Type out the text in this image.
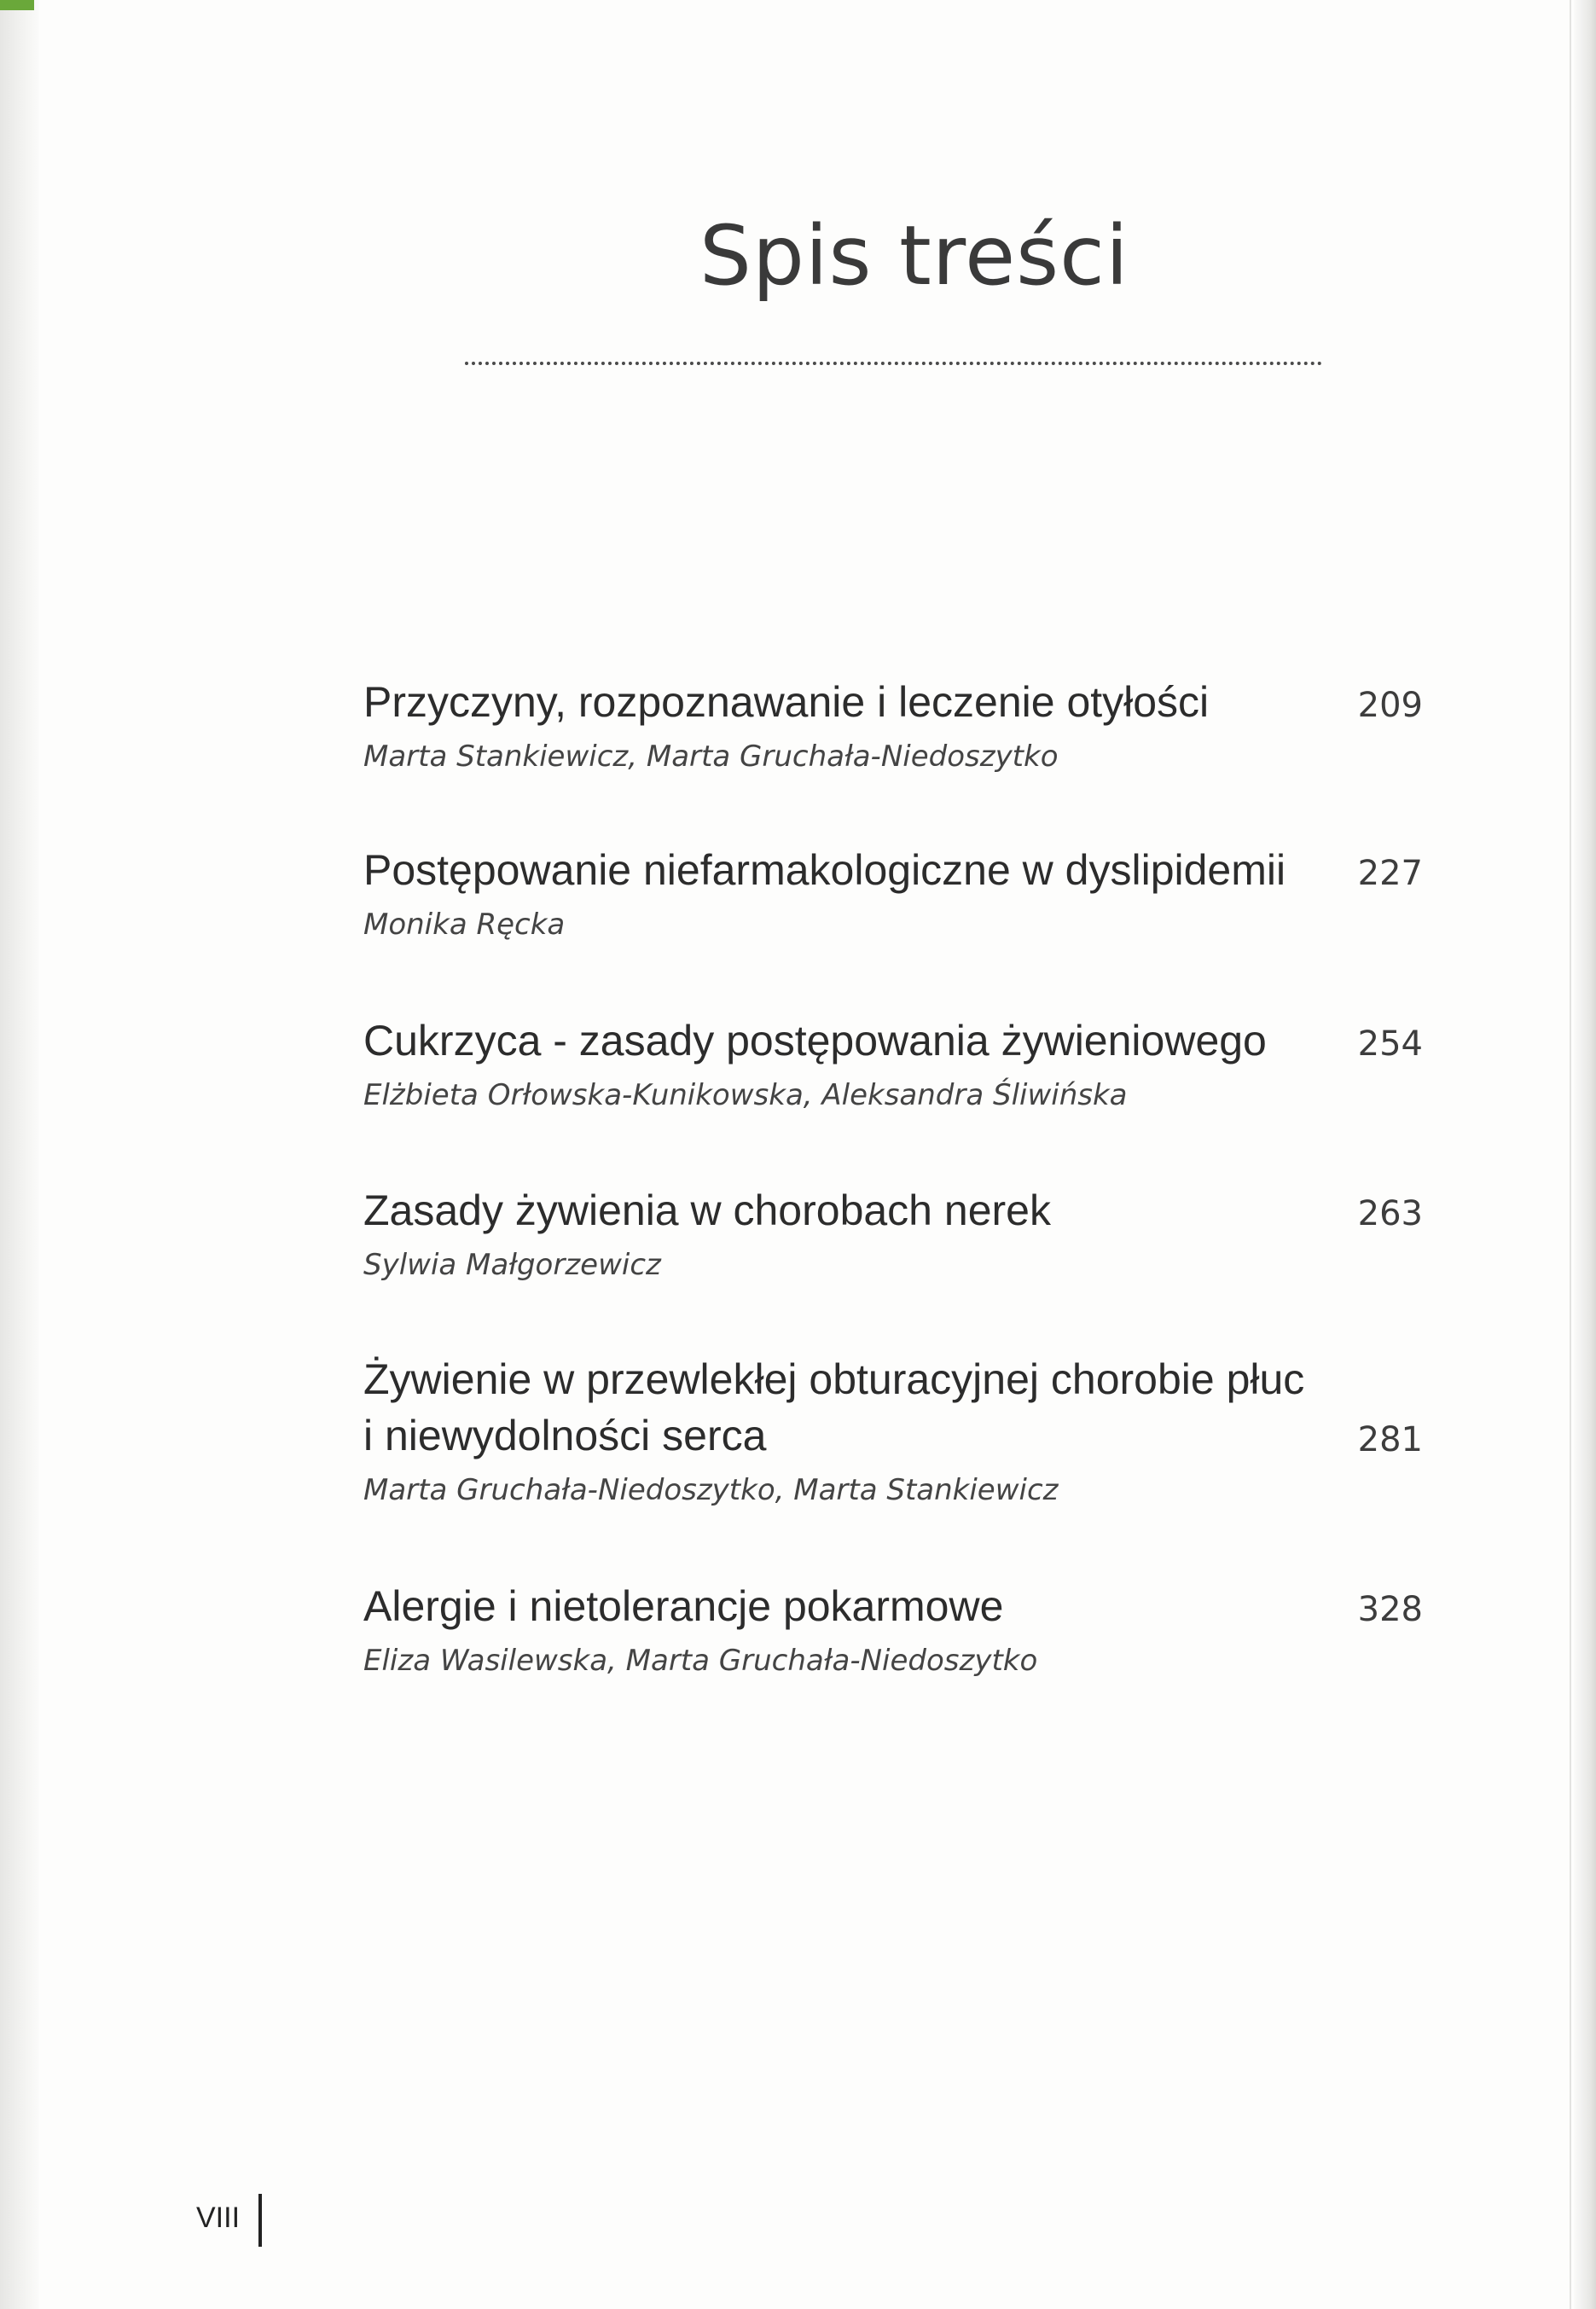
Spis treści
Przyczyny, rozpoznawanie i leczenie otyłości
Marta Stankiewicz, Marta Gruchała-Niedoszytko
209
Postępowanie niefarmakologiczne w dyslipidemii
Monika Ręcka
227
Cukrzyca - zasady postępowania żywieniowego
Elżbieta Orłowska-Kunikowska, Aleksandra Śliwińska
254
Zasady żywienia w chorobach nerek
Sylwia Małgorzewicz
263
Żywienie w przewlekłej obturacyjnej chorobie płuc
i niewydolności serca
Marta Gruchała-Niedoszytko, Marta Stankiewicz
281
Alergie i nietolerancje pokarmowe
Eliza Wasilewska, Marta Gruchała-Niedoszytko
328
VIII
